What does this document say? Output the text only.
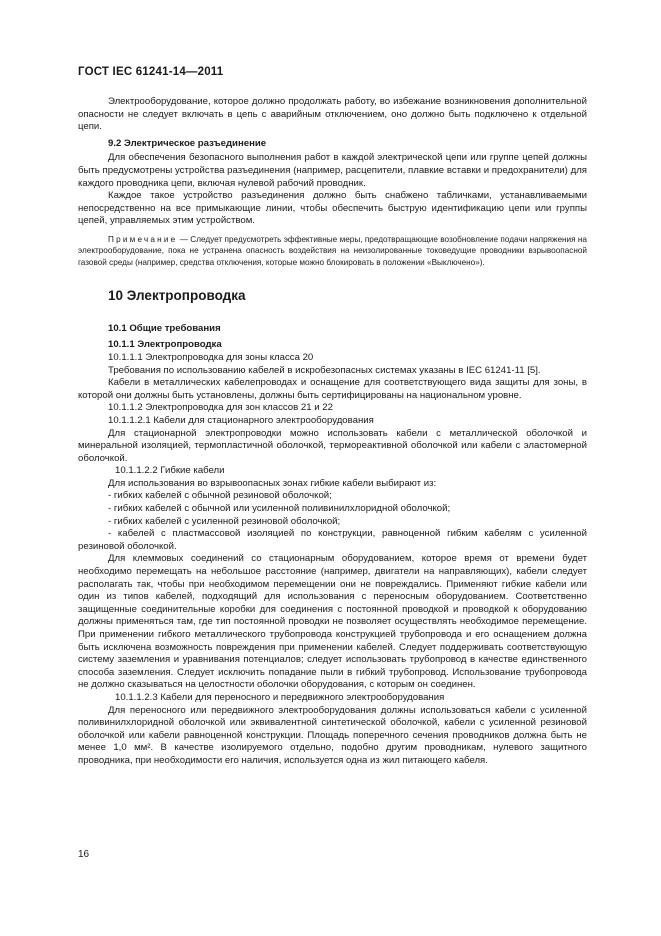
ГОСТ IEC 61241-14—2011

Электрооборудование, которое должно продолжать работу, во избежание возникновения дополнительной опасности не следует включать в цепь с аварийным отключением, оно должно быть подключено к отдельной цепи.

9.2 Электрическое разъединение

Для обеспечения безопасного выполнения работ в каждой электрической цепи или группе цепей должны быть предусмотрены устройства разъединения (например, расцепители, плавкие вставки и предохранители) для каждого проводника цепи, включая нулевой рабочий проводник.

Каждое такое устройство разъединения должно быть снабжено табличками, устанавливаемыми непосредственно на все примыкающие линии, чтобы обеспечить быструю идентификацию цепи или группы цепей, управляемых этим устройством.

Примечание — Следует предусмотреть эффективные меры, предотвращающие возобновление подачи напряжения на электрооборудование, пока не устранена опасность воздействия на неизолированные токоведущие проводники взрывоопасной газовой среды (например, средства отключения, которые можно блокировать в положении «Выключено»).

10 Электропроводка

10.1 Общие требования

10.1.1 Электропроводка

10.1.1.1 Электропроводка для зоны класса 20

Требования по использованию кабелей в искробезопасных системах указаны в IEC 61241-11 [5].

Кабели в металлических кабелепроводах и оснащение для соответствующего вида защиты для зоны, в которой они должны быть установлены, должны быть сертифицированы на национальном уровне.

10.1.1.2 Электропроводка для зон классов 21 и 22

10.1.1.2.1 Кабели для стационарного электрооборудования

Для стационарной электропроводки можно использовать кабели с металлической оболочкой и минеральной изоляцией, термопластичной оболочкой, термореактивной оболочкой или кабели с эластомерной оболочкой.

10.1.1.2.2 Гибкие кабели

Для использования во взрывоопасных зонах гибкие кабели выбирают из:

- гибких кабелей с обычной резиновой оболочкой;

- гибких кабелей с обычной или усиленной поливинилхлоридной оболочкой;

- гибких кабелей с усиленной резиновой оболочкой;

- кабелей с пластмассовой изоляцией по конструкции, равноценной гибким кабелям с усиленной резиновой оболочкой.

Для клеммовых соединений со стационарным оборудованием, которое время от времени будет необходимо перемещать на небольшое расстояние (например, двигатели на направляющих), кабели следует располагать так, чтобы при необходимом перемещении они не повреждались. Применяют гибкие кабели или один из типов кабелей, подходящий для использования с переносным оборудованием. Соответственно защищенные соединительные коробки для соединения с постоянной проводкой и проводкой к оборудованию должны применяться там, где тип постоянной проводки не позволяет осуществлять необходимое перемещение. При применении гибкого металлического трубопровода конструкцией трубопровода и его оснащением должна быть исключена возможность повреждения при применении кабелей. Следует поддерживать соответствующую систему заземления и уравнивания потенциалов; следует использовать трубопровод в качестве единственного способа заземления. Следует исключить попадание пыли в гибкий трубопровод. Использование трубопровода не должно сказываться на целостности оболочки оборудования, с которым он соединен.

10.1.1.2.3 Кабели для переносного и передвижного электрооборудования

Для переносного или передвижного электрооборудования должны использоваться кабели с усиленной поливинилхлоридной оболочкой или эквивалентной синтетической оболочкой, кабели с усиленной резиновой оболочкой или кабели равноценной конструкции. Площадь поперечного сечения проводников должна быть не менее 1,0 мм². В качестве изолируемого отдельно, подобно другим проводникам, нулевого защитного проводника, при необходимости его наличия, используется одна из жил питающего кабеля.

16
